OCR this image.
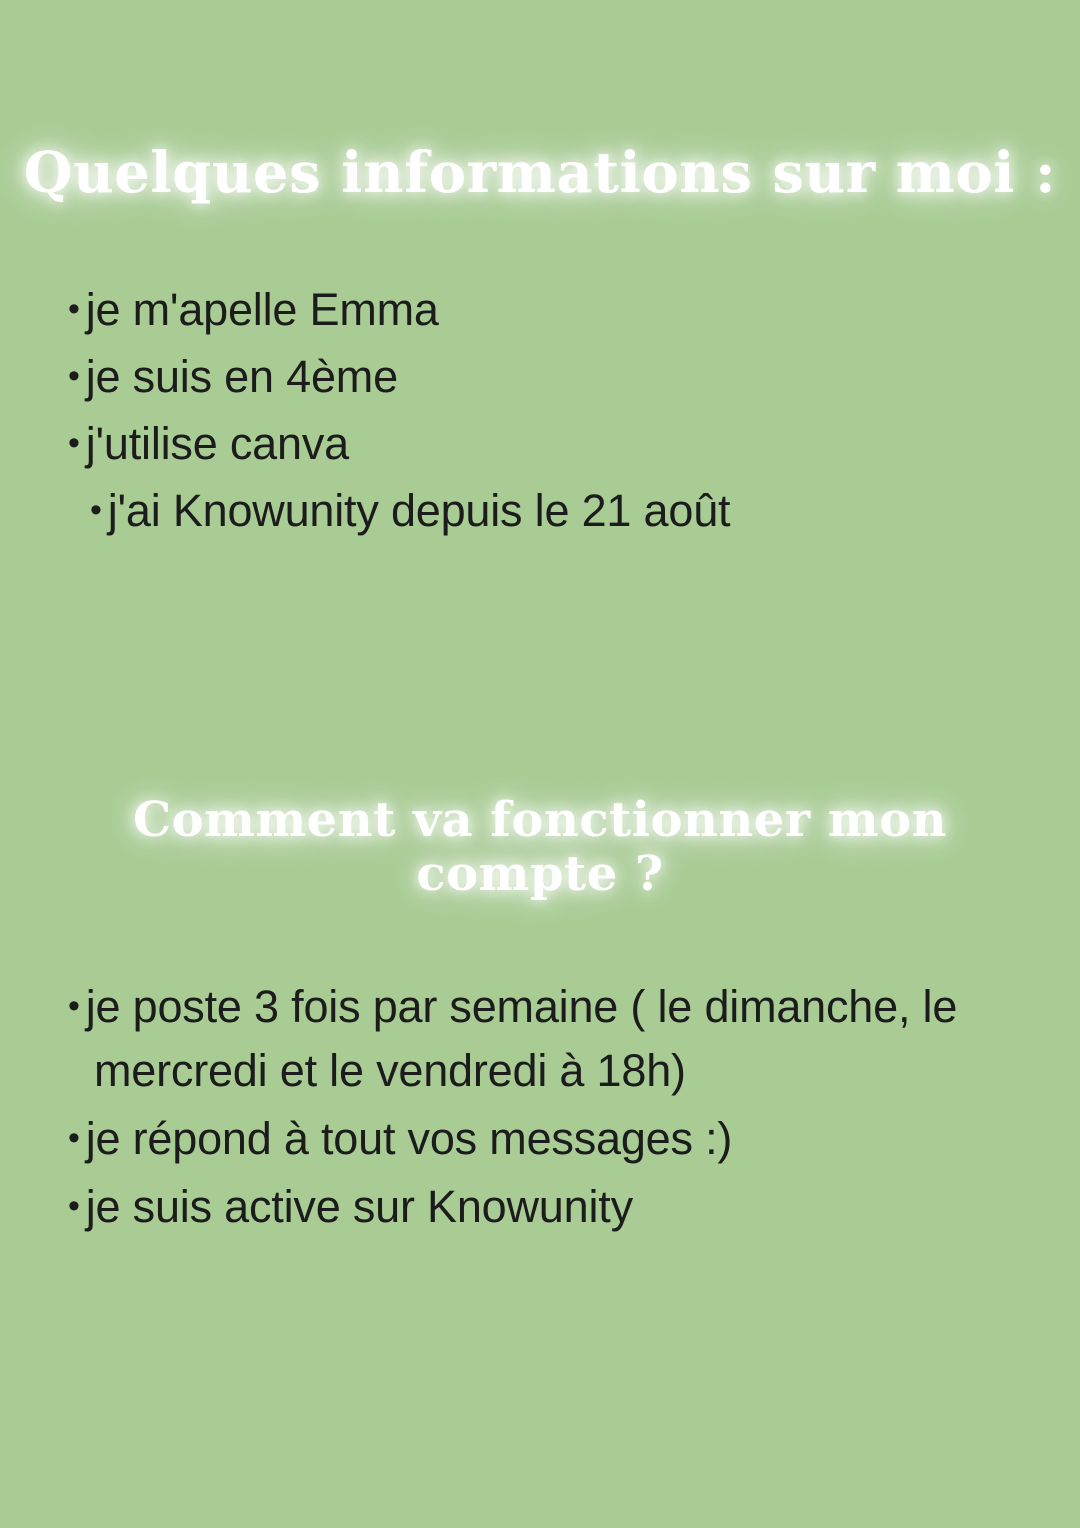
Quelques informations sur moi :
• je m'apelle Emma
• je suis en 4ème
• j'utilise canva
• j'ai Knowunity depuis le 21 août
Comment va fonctionner mon compte ?
• je poste 3 fois par semaine ( le dimanche, le mercredi et le vendredi à 18h)
• je répond à tout vos messages :)
• je suis active sur Knowunity
